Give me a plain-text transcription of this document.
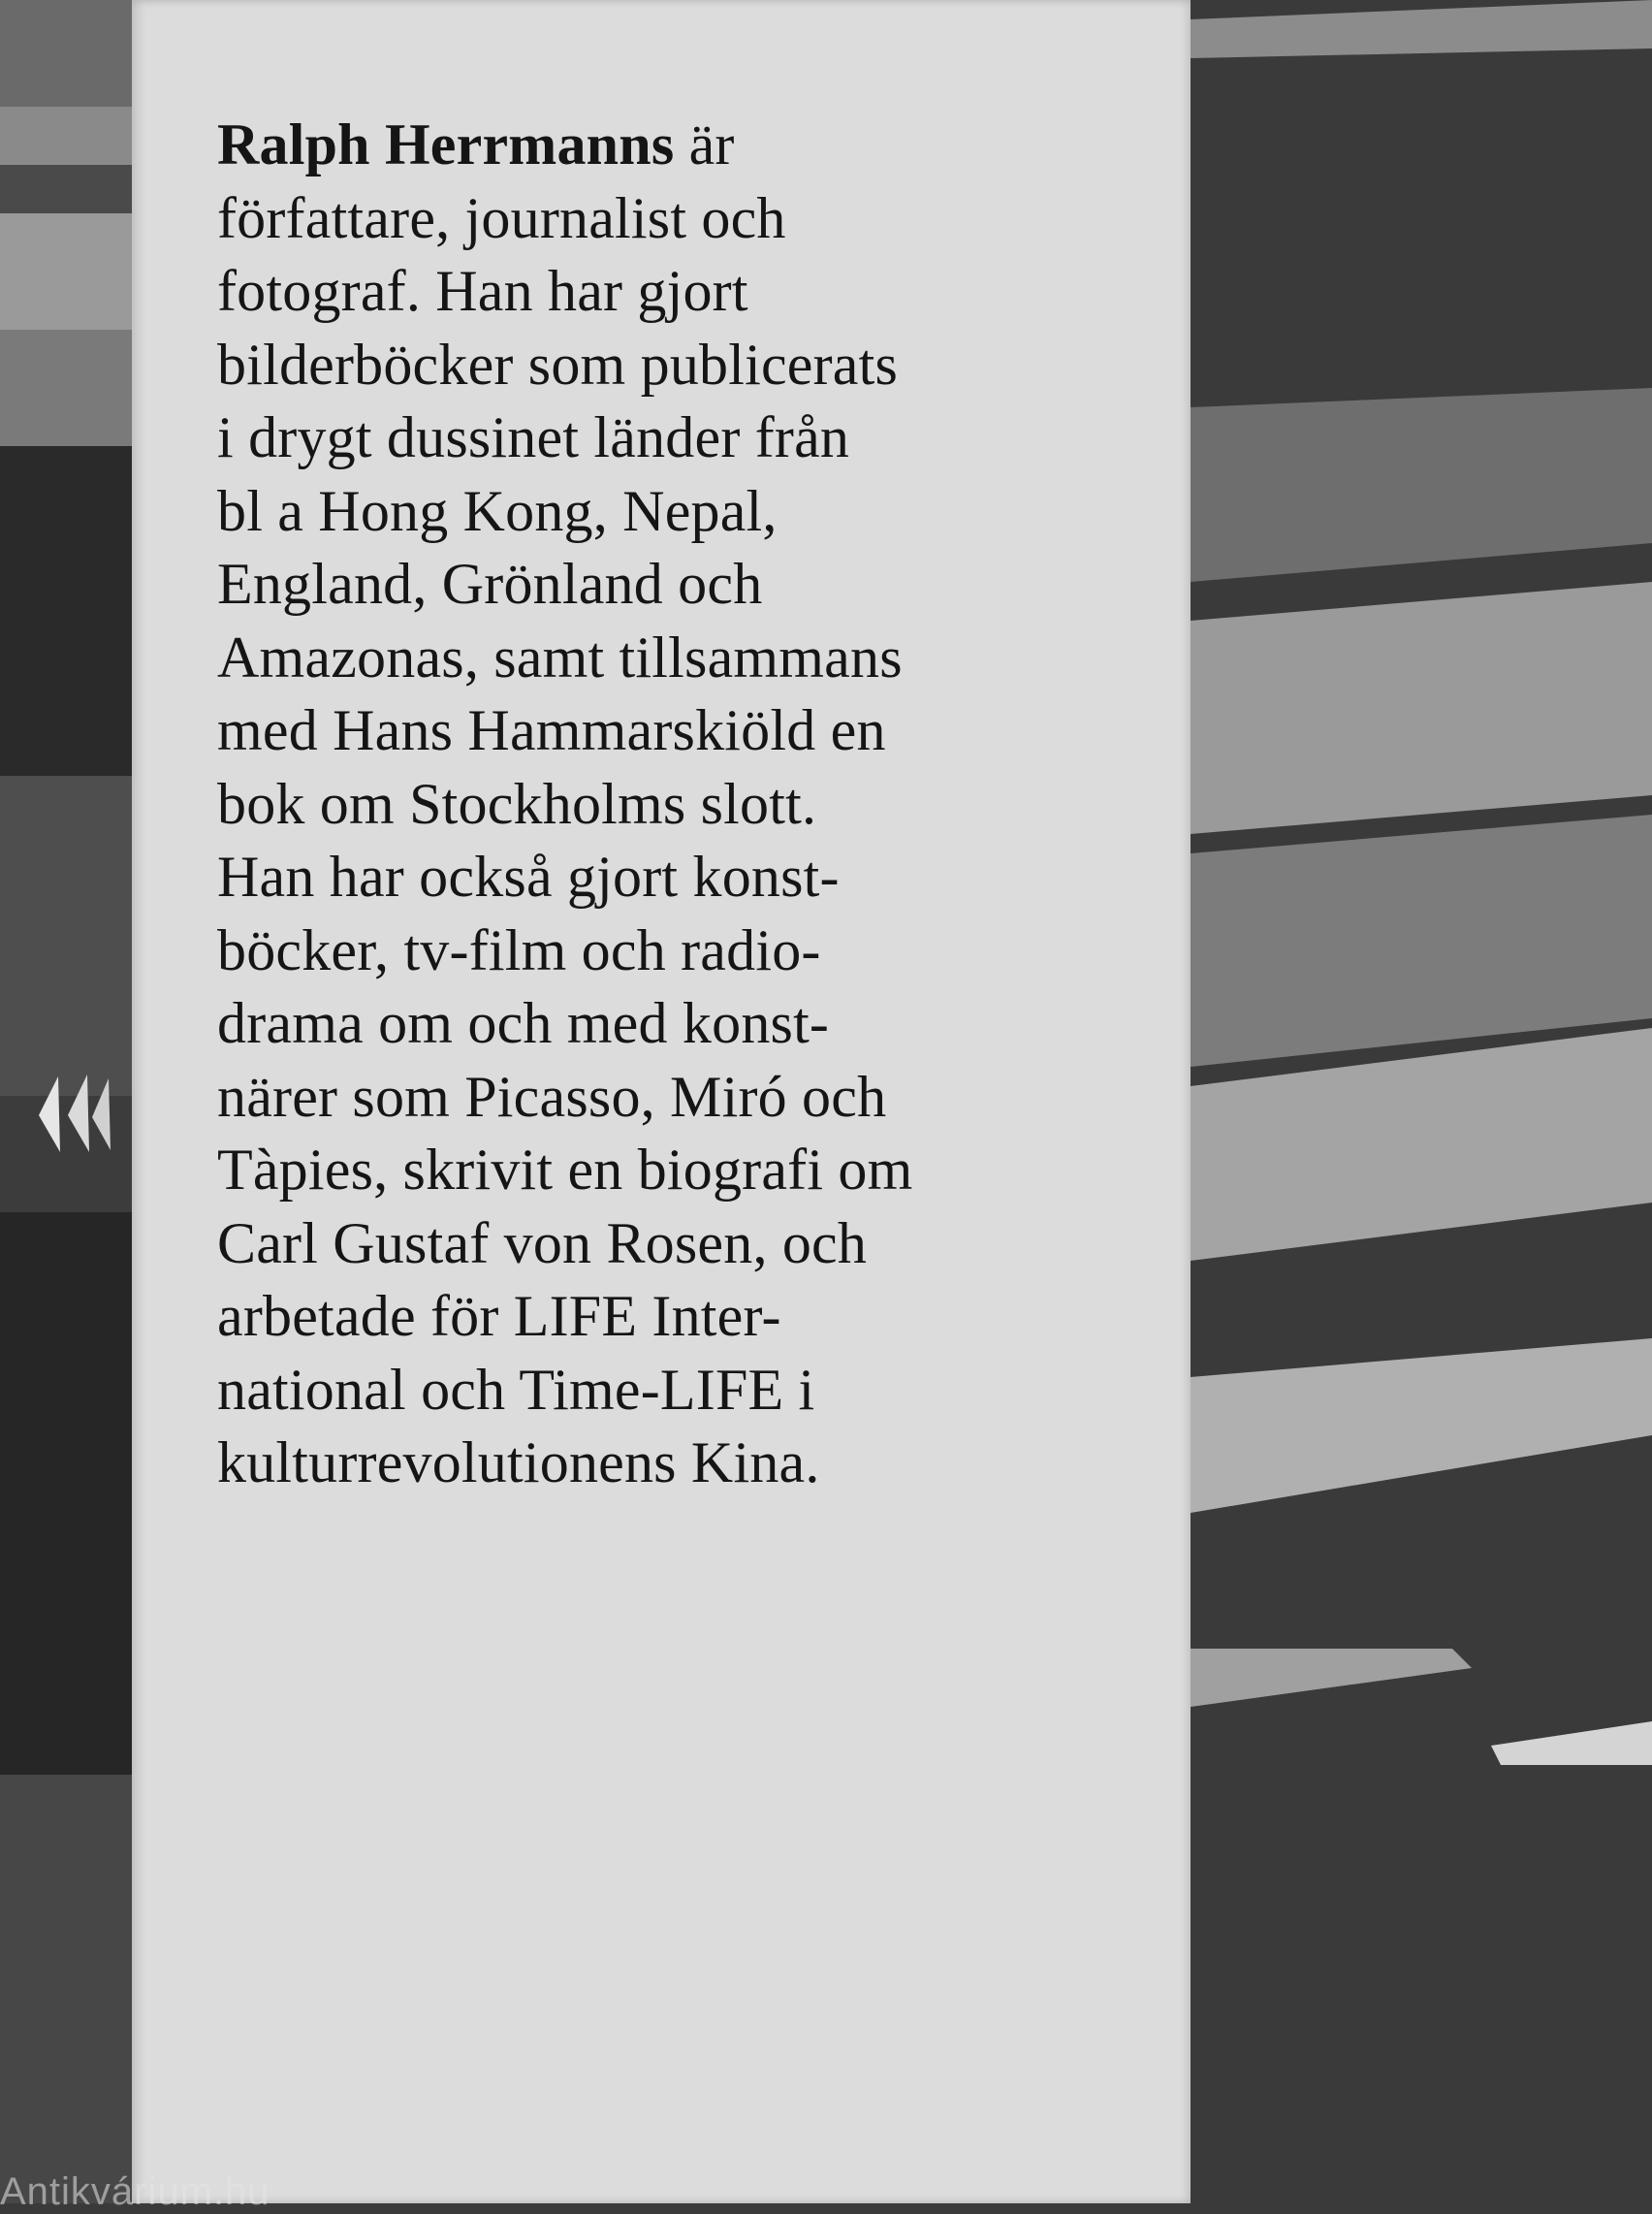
Ralph Herrmanns är
författare, journalist och
fotograf. Han har gjort
bilderböcker som publicerats
i drygt dussinet länder från
bl a Hong Kong, Nepal,
England, Grönland och
Amazonas, samt tillsammans
med Hans Hammarskiöld en
bok om Stockholms slott.
Han har också gjort konst-
böcker, tv-film och radio-
drama om och med konst-
närer som Picasso, Miró och
Tàpies, skrivit en biografi om
Carl Gustaf von Rosen, och
arbetade för LIFE Inter-
national och Time-LIFE i
kulturrevolutionens Kina.

Antikvárium.hu
